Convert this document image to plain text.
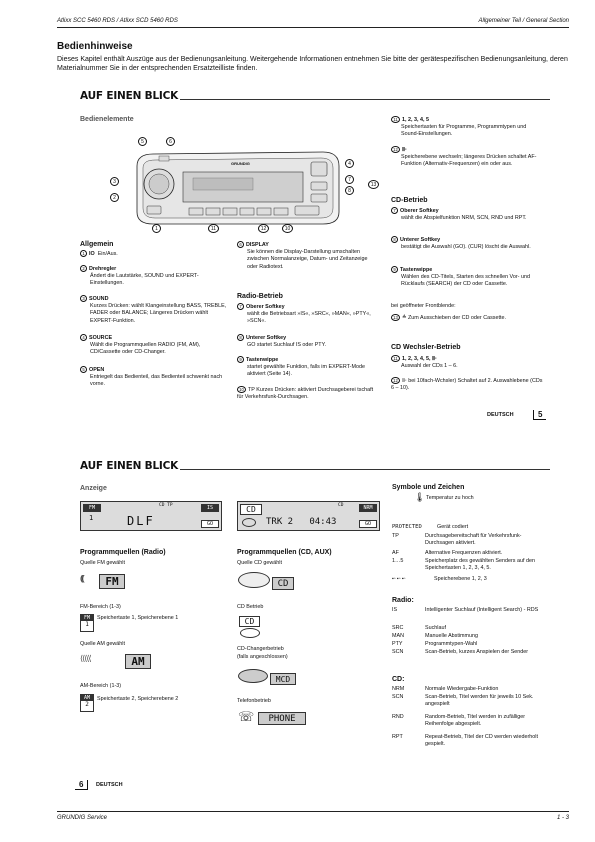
Atlixx SCC 5460 RDS / Atlixx SCD 5460 RDS	Allgemeiner Teil / General Section
Bedienhinweise
Dieses Kapitel enthält Auszüge aus der Bedienungsanleitung. Weitergehende Informationen entnehmen Sie bitte der gerätespezifischen Bedienungsanleitung, deren Materialnummer Sie in der entsprechenden Ersatzteilliste finden.
AUF EINEN BLICK
Bedienelemente
GRUNDIG
5	6
4
3	7
13
2
8
1	11	12	10
Allgemein
1 IO Ein/Aus.
2 Drehregler
Ändert die Lautstärke, SOUND und EXPERT-Einstellungen.
3 SOUND
Kurzes Drücken: wählt Klangeinstellung BASS, TREBLE, FADER oder BALANCE; Längeres Drücken wählt EXPERT-Funktion.
4 SOURCE
Wählt die Programmquellen RADIO (FM, AM), CD/Cassette oder CD-Changer.
5 OPEN
Entriegelt das Bedienteil, das Bedienteil schwenkt nach vorne.
6 DISPLAY
Sie können die Display-Darstellung umschalten zwischen Normalanzeige, Datum- und Zeitanzeige oder Radiotext.
Radio-Betrieb
7 Oberer Softkey
wählt die Betriebsart »IS«, »SRC«, »MAN«, »PTY«, »SCN«.
8 Unterer Softkey
GO startet Suchlauf IS oder PTY.
9 Tastenwippe
startet gewählte Funktion, falls im EXPERT-Mode aktiviert (Seite 14).
10 TP Kurzes Drücken: aktiviert Durchsageberei tschaft für Verkehrsfunk-Durchsagen.
11 1, 2, 3, 4, 5
Speichertasten für Programme, Programmtypen und Sound-Einstellungen.
12 ⊪
Speicherebene wechseln; längeres Drücken schaltet AF-Funktion (Alternativ-Frequenzen) ein oder aus.
CD-Betrieb
7 Oberer Softkey
wählt die Abspielfunktion NRM, SCN, RND und RPT.
8 Unterer Softkey
bestätigt die Auswahl (GO). (CUR) löscht die Auswahl.
9 Tastenwippe
Wählen des CD-Titels, Starten des schnellen Vor- und Rücklaufs (SEARCH) der CD oder Cassette.
bei geöffneter Frontblende:
13 ≙ Zum Ausschieben der CD oder Cassette.
CD Wechsler-Betrieb
11 1, 2, 3, 4, 5, ⊪
Auswahl der CDs 1 – 6.
12 ⊪ bei 10fach-Wchsler) Schaltet auf 2. Auswahlebene (CDs 6 – 10).
DEUTSCH	5
AUF EINEN BLICK
Anzeige
FM	CD TP	IS
1	DLF	GO
CD	CD	NRM
TRK 2   04:43	GO
Programmquellen (Radio)
Quelle FM gewählt
((((	FM
FM-Bereich (1-3)
FM
1
Speichertaste 1, Speicherebene 1
Quelle AM gewählt
⟨⟨⟨⟨⟨	AM
AM-Bereich (1-3)
AM
2
Speichertaste 2, Speicherebene 2
Programmquellen (CD, AUX)
Quelle CD gewählt
CD
CD Betrieb
CD
CD-Changerbetrieb
(falls angeschlossen)
MCD
Telefonbetrieb
☏	PHONE
Symbole und Zeichen
🌡 Temperatur zu hoch
PROTECTED	Gerät codiert
TP	Durchsagebereitschaft für Verkehrsfunk-Durchsagen aktiviert.
AF	Alternative Frequenzen aktiviert.
1…5	Speicherplatz des gewählten Senders auf den Speichertasten 1, 2, 3, 4, 5.
▪▫ ▪▫ ▪▫	Speicherebene 1, 2, 3
Radio:
IS	Intelligenter Suchlauf (Intelligent Search) - RDS
SRC	Suchlauf
MAN	Manuelle Abstimmung
PTY	Programmtypen-Wahl
SCN	Scan-Betrieb, kurzes Anspielen der Sender
CD:
NRM	Normale Wiedergabe-Funktion
SCN	Scan-Betrieb, Titel werden für jeweils 10 Sek. angespielt
RND	Random-Betrieb, Titel werden in zufälliger Reihenfolge abgespielt.
RPT	Repeat-Betrieb, Titel der CD werden wiederholt gespielt.
6	DEUTSCH
GRUNDIG Service	1 - 3
